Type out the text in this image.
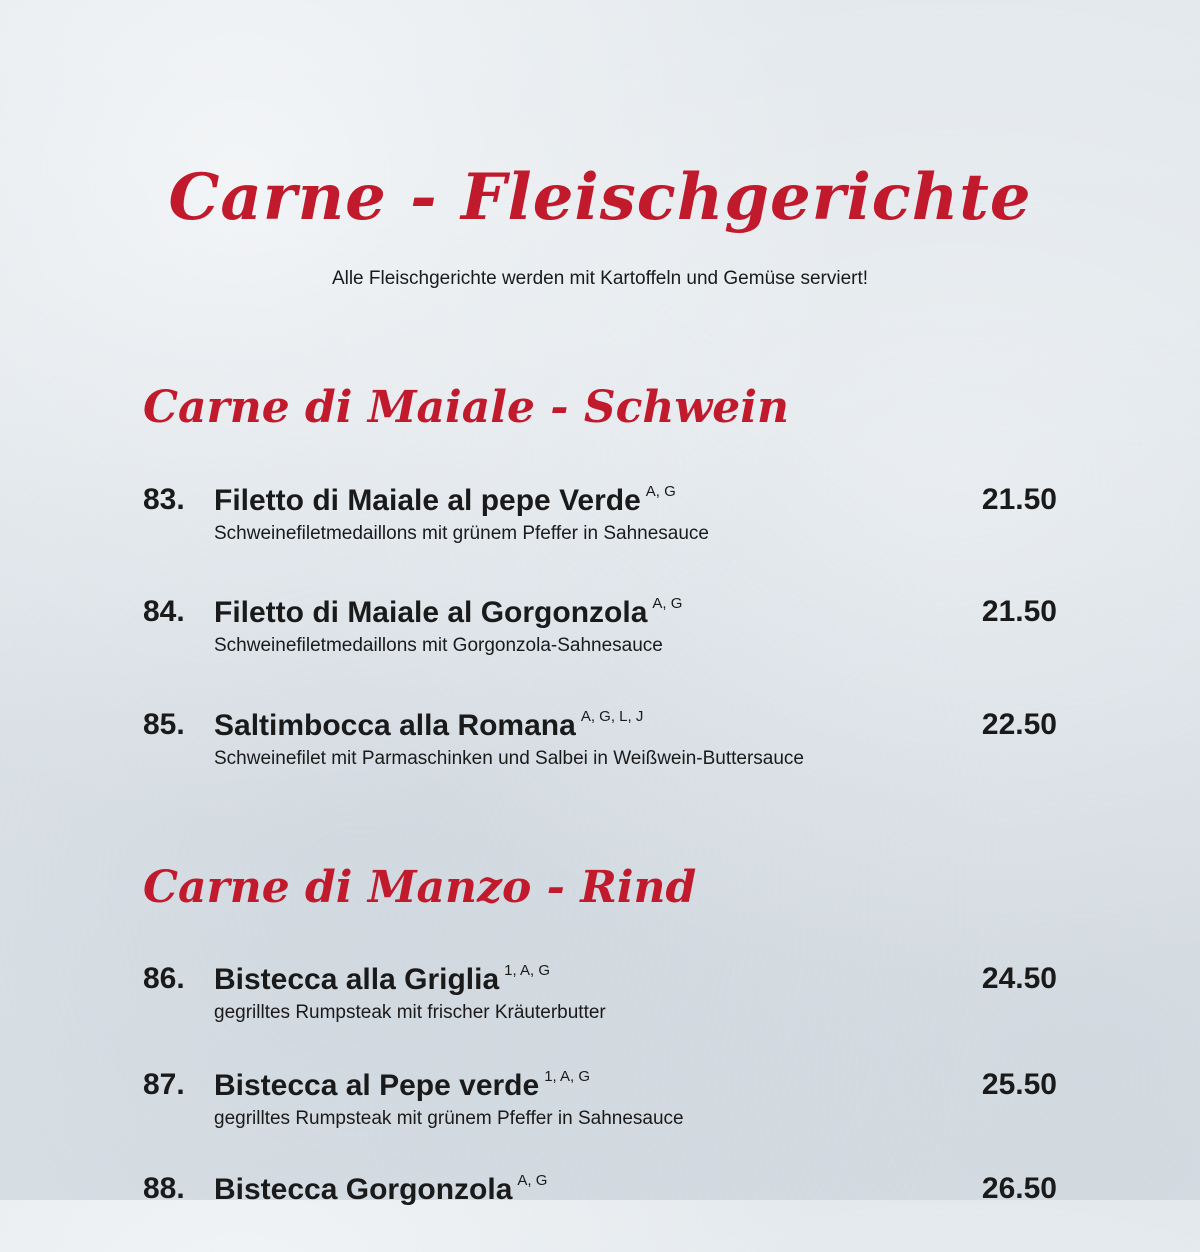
Carne - Fleischgerichte

Alle Fleischgerichte werden mit Kartoffeln und Gemüse serviert!

Carne di Maiale - Schwein
83. Filetto di Maiale al pepe Verde $^{A, G}$
Schweinefiletmedaillons mit grünem Pfeffer in Sahnesauce
21.50
84. Filetto di Maiale al Gorgonzola $^{A, G}$
Schweinefiletmedaillons mit Gorgonzola-Sahnesauce
21.50
85. Saltimbocca alla Romana $^{A, G, L, J}$
Schweinefilet mit Parmaschinken und Salbei in Weißwein-Buttersauce
22.50
Carne di Manzo - Rind
86. Bistecca alla Griglia $^{1, A, G}$
gegrilltes Rumpsteak mit frischer Kräuterbutter
24.50
87. Bistecca al Pepe verde $^{1, A, G}$
gegrilltes Rumpsteak mit grünem Pfeffer in Sahnesauce
25.50
88. Bistecca Gorgonzola $^{A, G}$	26.50
